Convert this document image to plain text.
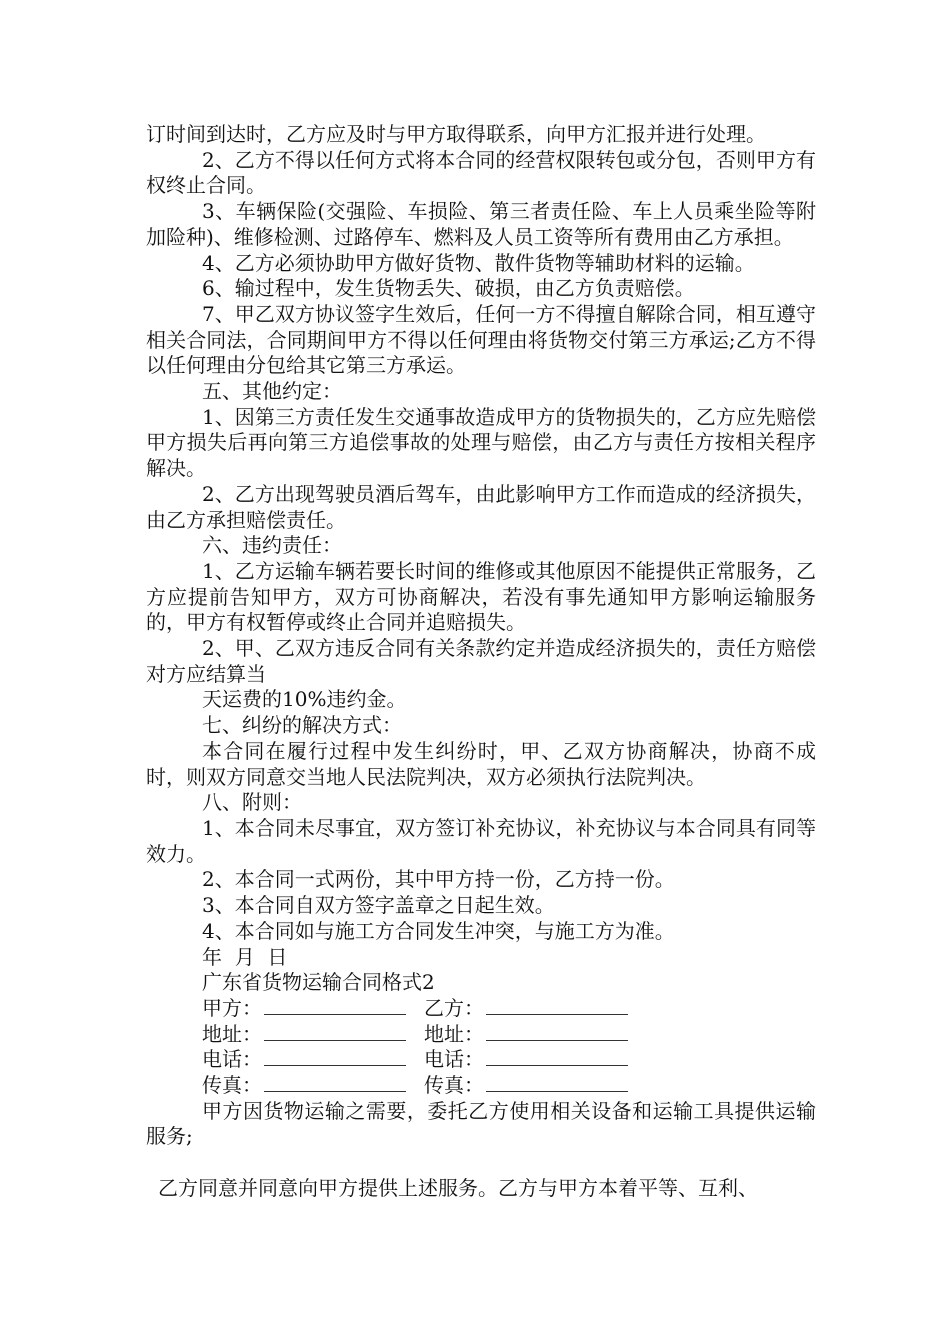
订时间到达时，乙方应及时与甲方取得联系，向甲方汇报并进行处理。

2、乙方不得以任何方式将本合同的经营权限转包或分包，否则甲方有权终止合同。

3、车辆保险(交强险、车损险、第三者责任险、车上人员乘坐险等附加险种)、维修检测、过路停车、燃料及人员工资等所有费用由乙方承担。

4、乙方必须协助甲方做好货物、散件货物等辅助材料的运输。

6、输过程中，发生货物丢失、破损，由乙方负责赔偿。

7、甲乙双方协议签字生效后，任何一方不得擅自解除合同，相互遵守相关合同法，合同期间甲方不得以任何理由将货物交付第三方承运;乙方不得以任何理由分包给其它第三方承运。

五、其他约定：

1、因第三方责任发生交通事故造成甲方的货物损失的，乙方应先赔偿甲方损失后再向第三方追偿事故的处理与赔偿，由乙方与责任方按相关程序解决。

2、乙方出现驾驶员酒后驾车，由此影响甲方工作而造成的经济损失，由乙方承担赔偿责任。

六、违约责任：

1、乙方运输车辆若要长时间的维修或其他原因不能提供正常服务，乙方应提前告知甲方，双方可协商解决，若没有事先通知甲方影响运输服务的，甲方有权暂停或终止合同并追赔损失。

2、甲、乙双方违反合同有关条款约定并造成经济损失的，责任方赔偿对方应结算当

天运费的10%违约金。

七、纠纷的解决方式：

本合同在履行过程中发生纠纷时，甲、乙双方协商解决，协商不成时，则双方同意交当地人民法院判决，双方必须执行法院判决。

八、附则：

1、本合同未尽事宜，双方签订补充协议，补充协议与本合同具有同等效力。

2、本合同一式两份，其中甲方持一份，乙方持一份。

3、本合同自双方签字盖章之日起生效。

4、本合同如与施工方合同发生冲突，与施工方为准。

年  月  日

广东省货物运输合同格式2

甲方：	乙方：
地址：	地址：
电话：	电话：
传真：	传真：

甲方因货物运输之需要，委托乙方使用相关设备和运输工具提供运输服务;

乙方同意并同意向甲方提供上述服务。乙方与甲方本着平等、互利、
